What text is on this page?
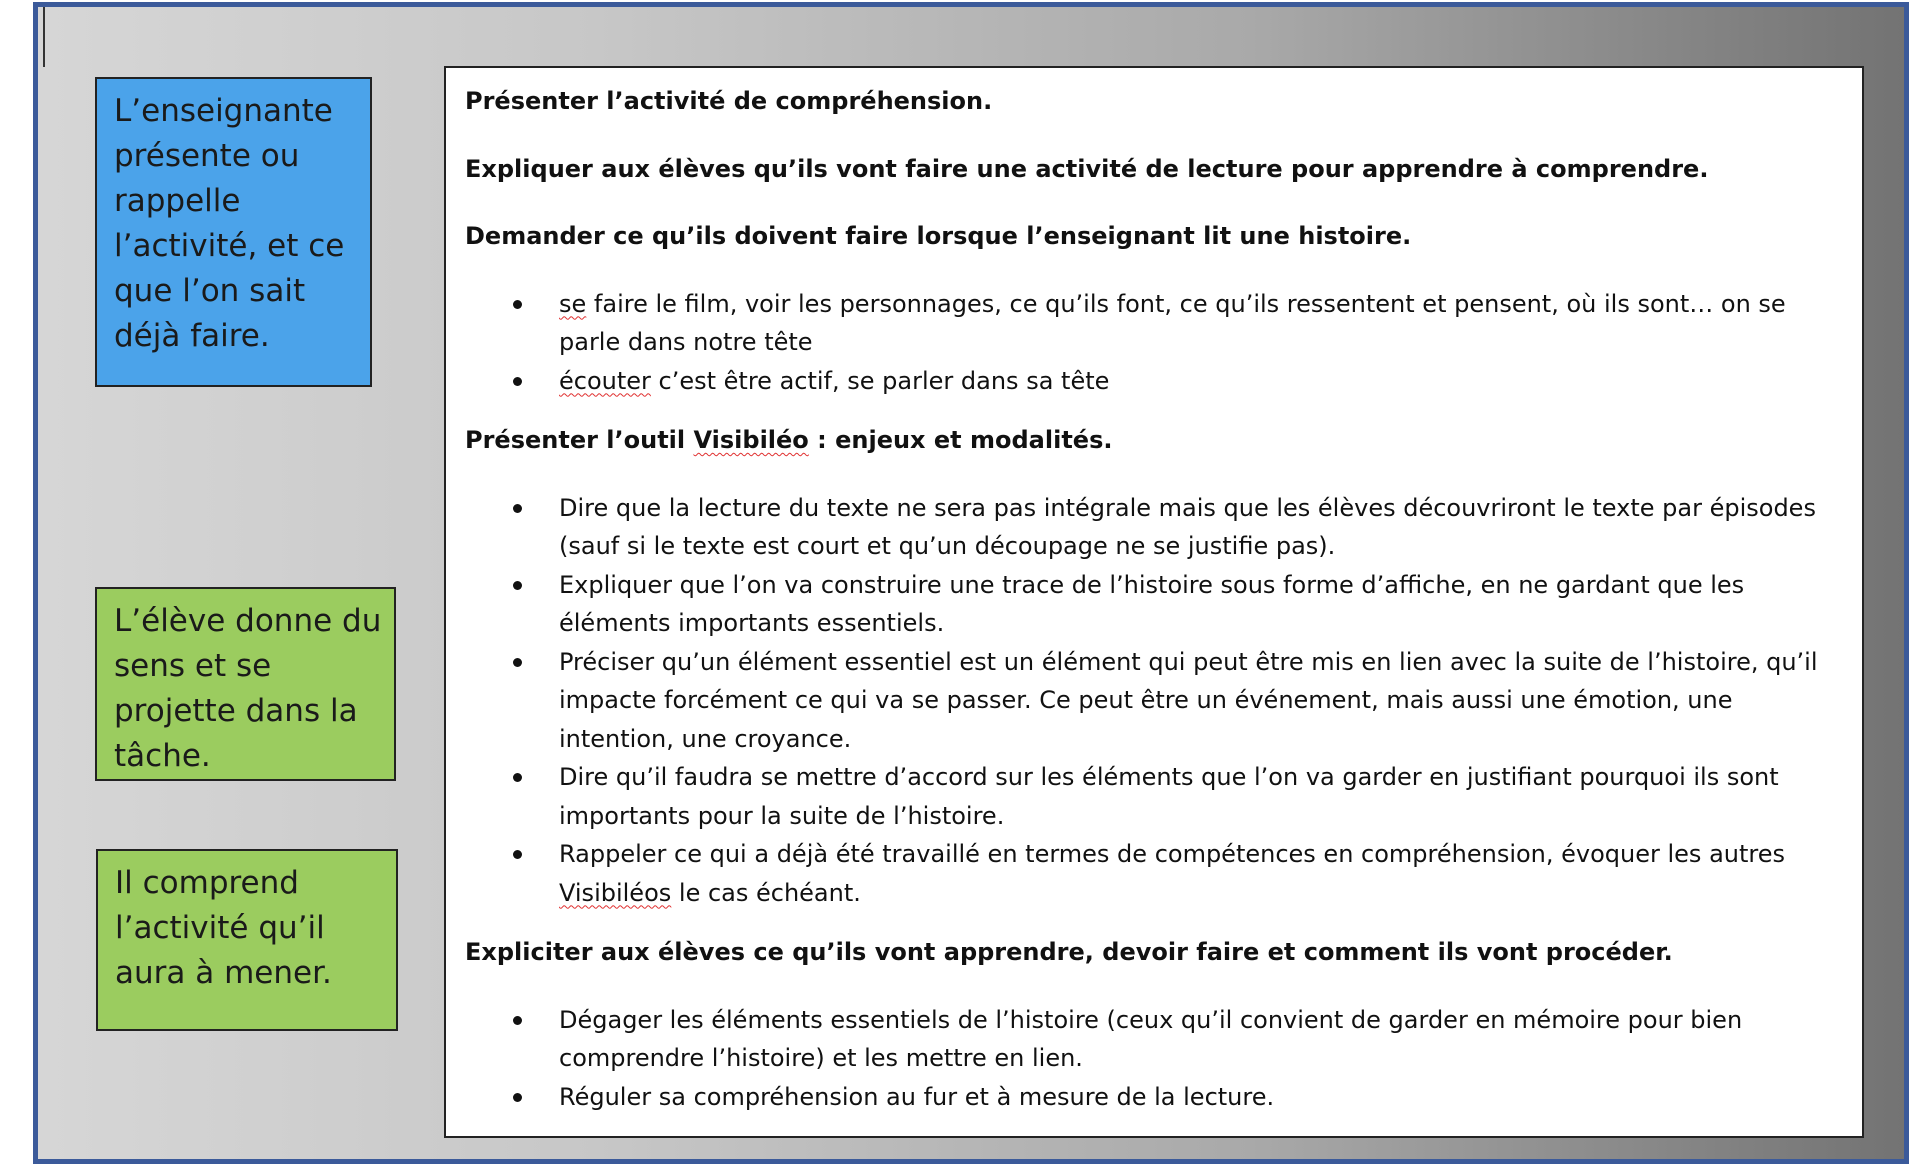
L’enseignante présente ou rappelle l’activité, et ce que l’on sait déjà faire.
L’élève donne du sens et se projette dans la tâche.
Il comprend l’activité qu’il aura à mener.

Présenter l’activité de compréhension.

Expliquer aux élèves qu’ils vont faire une activité de lecture pour apprendre à comprendre.

Demander ce qu’ils doivent faire lorsque l’enseignant lit une histoire.

se faire le film, voir les personnages, ce qu’ils font, ce qu’ils ressentent et pensent, où ils sont… on se parle dans notre tête
écouter c’est être actif, se parler dans sa tête

Présenter l’outil Visibiléo : enjeux et modalités.

Dire que la lecture du texte ne sera pas intégrale mais que les élèves découvriront le texte par épisodes (sauf si le texte est court et qu’un découpage ne se justifie pas).
Expliquer que l’on va construire une trace de l’histoire sous forme d’affiche, en ne gardant que les éléments importants essentiels.
Préciser qu’un élément essentiel est un élément qui peut être mis en lien avec la suite de l’histoire, qu’il impacte forcément ce qui va se passer. Ce peut être un événement, mais aussi une émotion, une intention, une croyance.
Dire qu’il faudra se mettre d’accord sur les éléments que l’on va garder en justifiant pourquoi ils sont importants pour la suite de l’histoire.
Rappeler ce qui a déjà été travaillé en termes de compétences en compréhension, évoquer les autres Visibiléos le cas échéant.

Expliciter aux élèves ce qu’ils vont apprendre, devoir faire et comment ils vont procéder.

Dégager les éléments essentiels de l’histoire (ceux qu’il convient de garder en mémoire pour bien comprendre l’histoire) et les mettre en lien.
Réguler sa compréhension au fur et à mesure de la lecture.
